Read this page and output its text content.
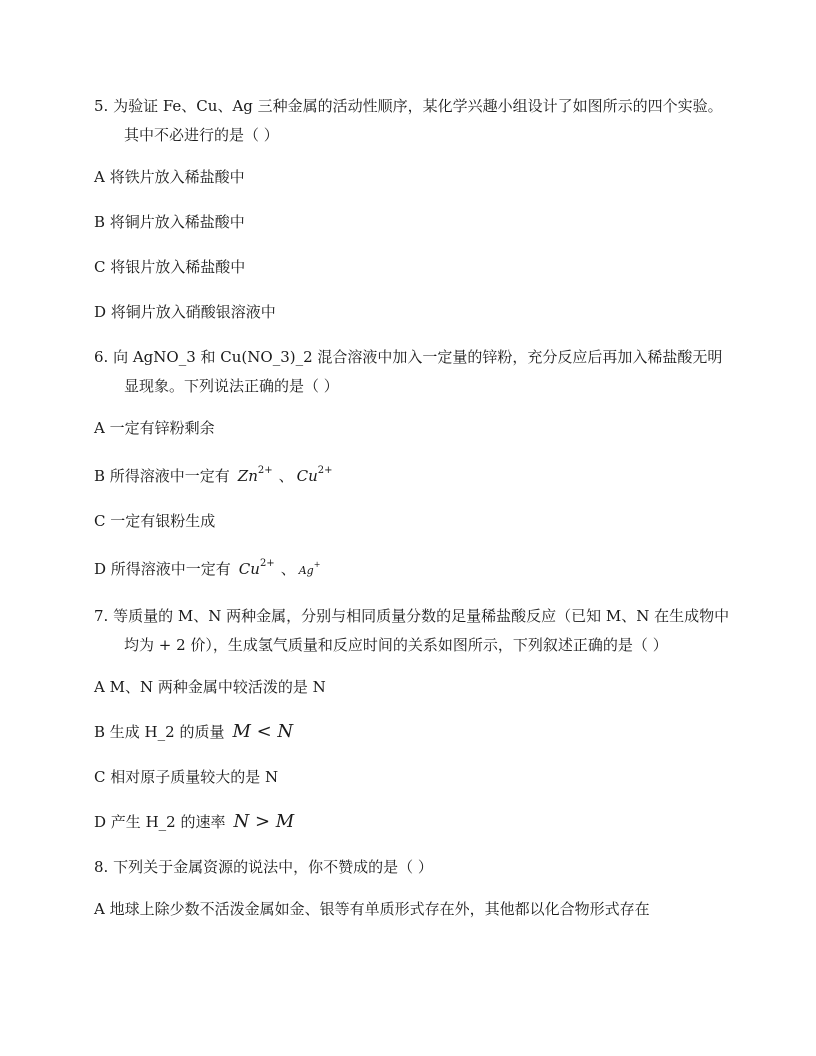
5. 为验证 Fe、Cu、Ag 三种金属的活动性顺序，某化学兴趣小组设计了如图所示的四个实验。其中不必进行的是（ ）

A 将铁片放入稀盐酸中

B 将铜片放入稀盐酸中

C 将银片放入稀盐酸中

D 将铜片放入硝酸银溶液中

6. 向 AgNO_3 和 Cu(NO_3)_2 混合溶液中加入一定量的锌粉，充分反应后再加入稀盐酸无明显现象。下列说法正确的是（ ）

A 一定有锌粉剩余

B 所得溶液中一定有 $Zn^{2+}$ 、 $Cu^{2+}$

C 一定有银粉生成

D 所得溶液中一定有 $Cu^{2+}$ 、 Ag+

7. 等质量的 M、N 两种金属，分别与相同质量分数的足量稀盐酸反应（已知 M、N 在生成物中均为 + 2 价），生成氢气质量和反应时间的关系如图所示，下列叙述正确的是（ ）

A M、N 两种金属中较活泼的是 N

B 生成 H_2 的质量 M < N

C 相对原子质量较大的是 N

D 产生 H_2 的速率 N > M

8. 下列关于金属资源的说法中，你不赞成的是（ ）

A 地球上除少数不活泼金属如金、银等有单质形式存在外，其他都以化合物形式存在
